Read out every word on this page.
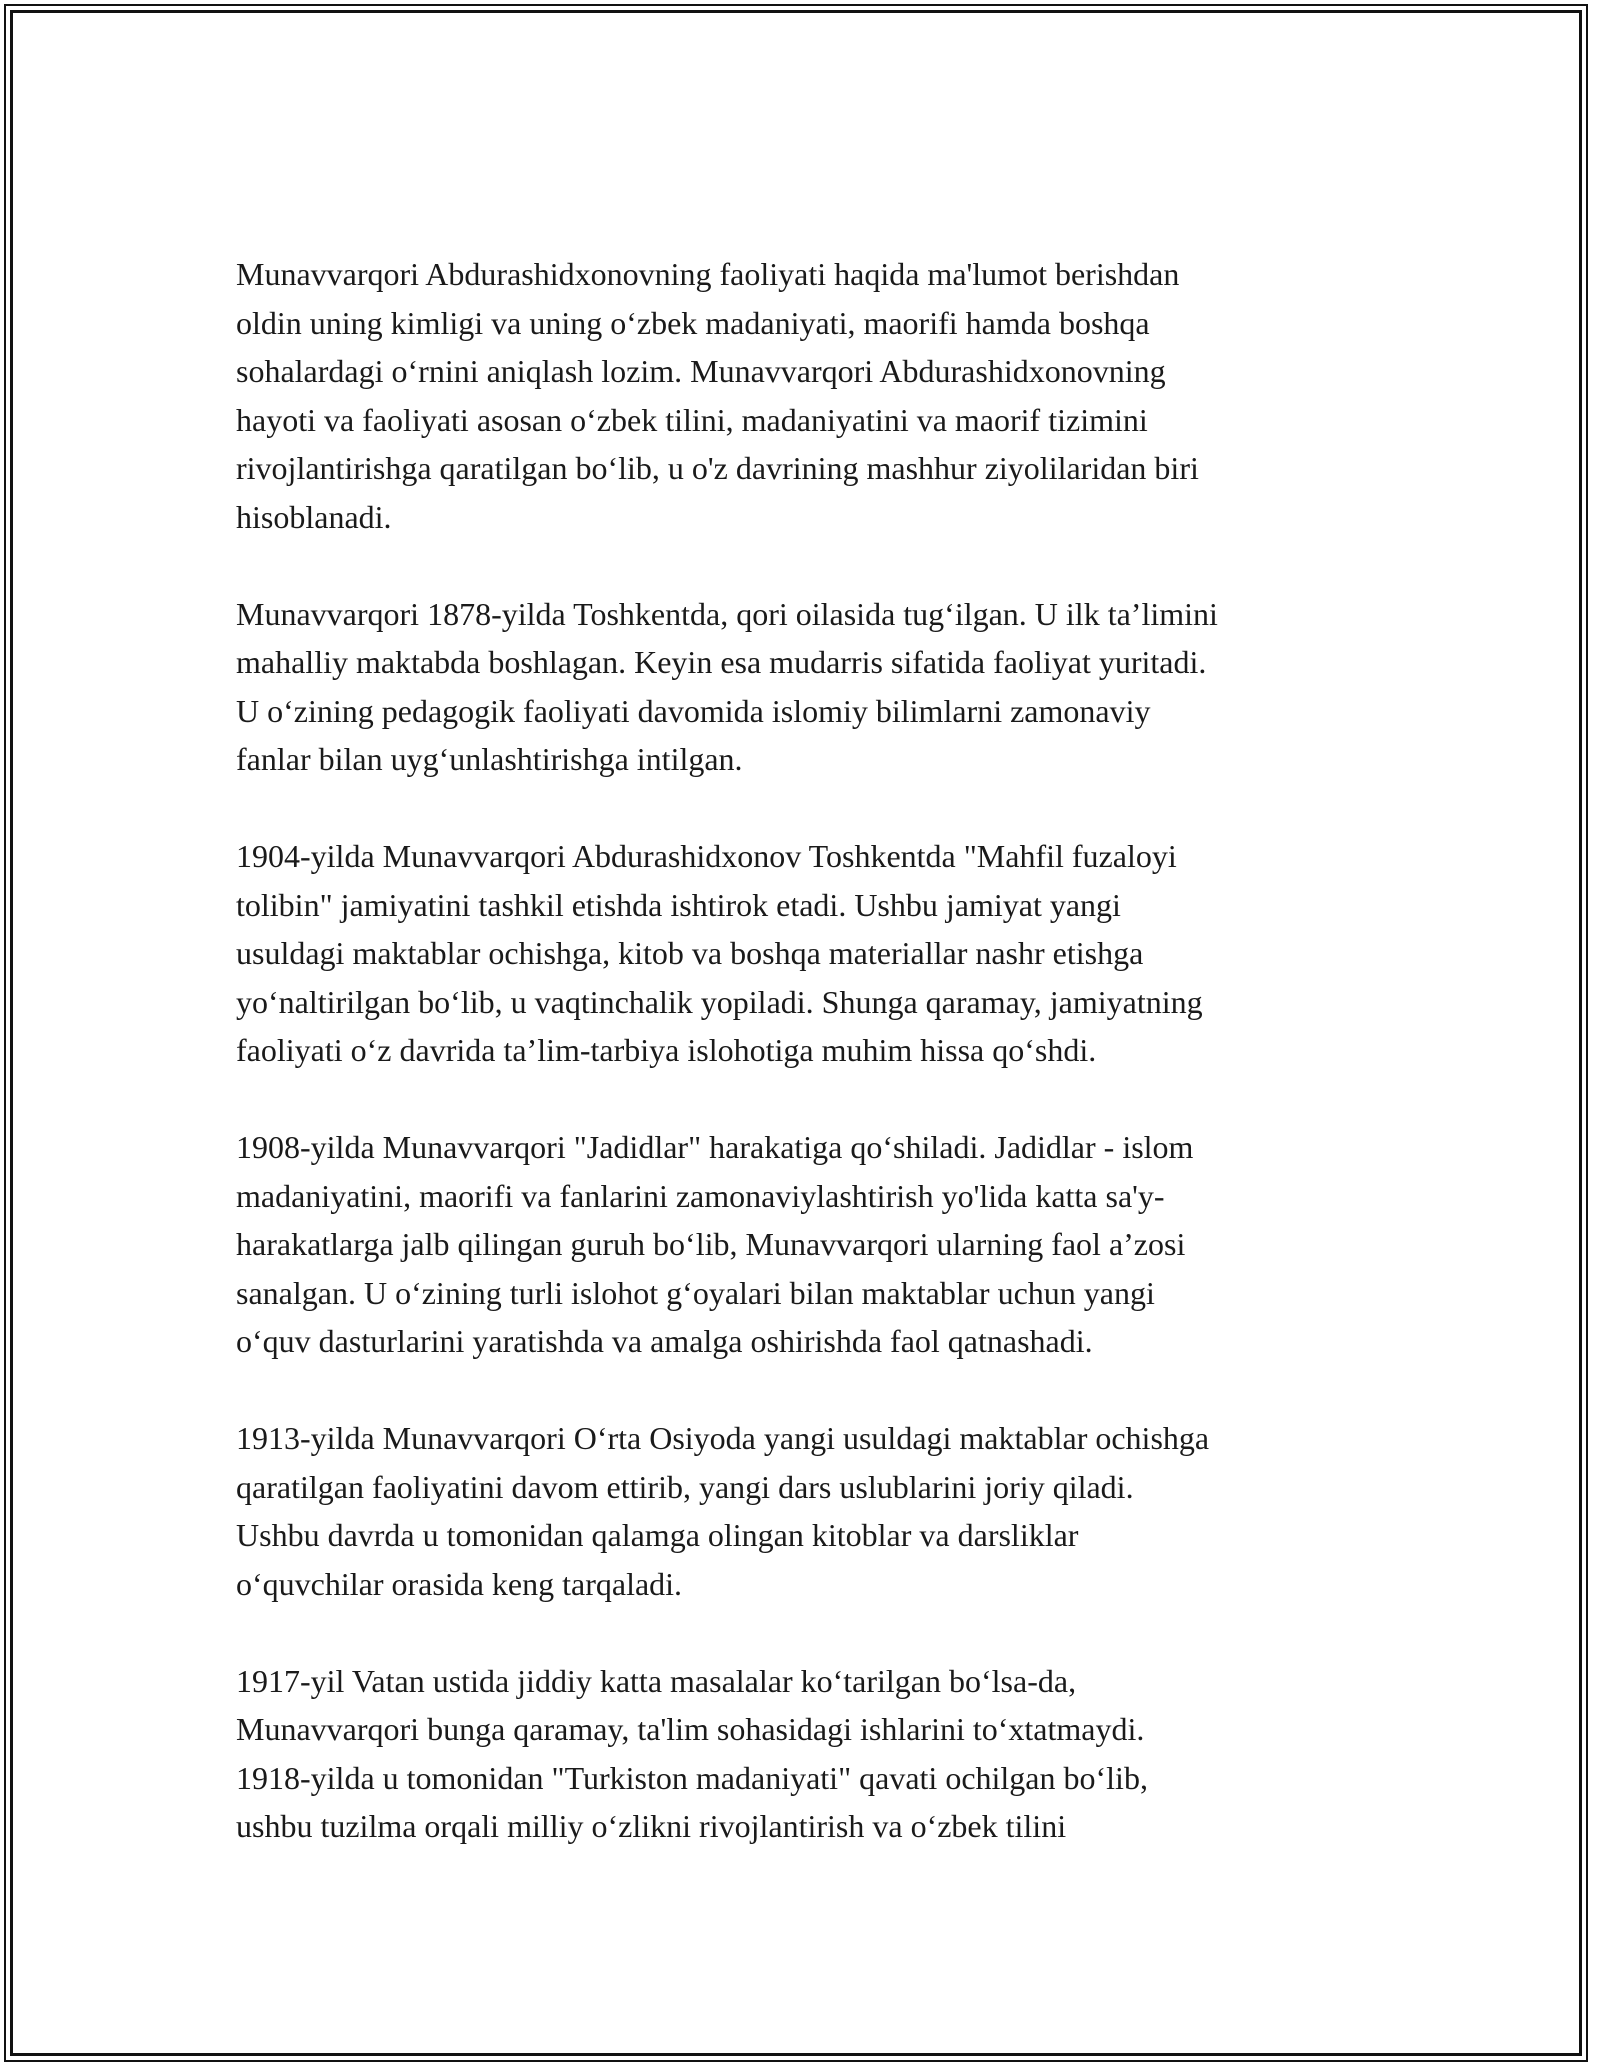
Munavvarqori Abdurashidxonovning faoliyati haqida ma'lumot berishdan
oldin uning kimligi va uning o‘zbek madaniyati, maorifi hamda boshqa
sohalardagi o‘rnini aniqlash lozim. Munavvarqori Abdurashidxonovning
hayoti va faoliyati asosan o‘zbek tilini, madaniyatini va maorif tizimini
rivojlantirishga qaratilgan bo‘lib, u o'z davrining mashhur ziyolilaridan biri
hisoblanadi.

Munavvarqori 1878-yilda Toshkentda, qori oilasida tug‘ilgan. U ilk ta’limini
mahalliy maktabda boshlagan. Keyin esa mudarris sifatida faoliyat yuritadi.
U o‘zining pedagogik faoliyati davomida islomiy bilimlarni zamonaviy
fanlar bilan uyg‘unlashtirishga intilgan.

1904-yilda Munavvarqori Abdurashidxonov Toshkentda "Mahfil fuzaloyi
tolibin" jamiyatini tashkil etishda ishtirok etadi. Ushbu jamiyat yangi
usuldagi maktablar ochishga, kitob va boshqa materiallar nashr etishga
yo‘naltirilgan bo‘lib, u vaqtinchalik yopiladi. Shunga qaramay, jamiyatning
faoliyati o‘z davrida ta’lim-tarbiya islohotiga muhim hissa qo‘shdi.

1908-yilda Munavvarqori "Jadidlar" harakatiga qo‘shiladi. Jadidlar - islom
madaniyatini, maorifi va fanlarini zamonaviylashtirish yo'lida katta sa'y-
harakatlarga jalb qilingan guruh bo‘lib, Munavvarqori ularning faol a’zosi
sanalgan. U o‘zining turli islohot g‘oyalari bilan maktablar uchun yangi
o‘quv dasturlarini yaratishda va amalga oshirishda faol qatnashadi.

1913-yilda Munavvarqori O‘rta Osiyoda yangi usuldagi maktablar ochishga
qaratilgan faoliyatini davom ettirib, yangi dars uslublarini joriy qiladi.
Ushbu davrda u tomonidan qalamga olingan kitoblar va darsliklar
o‘quvchilar orasida keng tarqaladi.

1917-yil Vatan ustida jiddiy katta masalalar ko‘tarilgan bo‘lsa-da,
Munavvarqori bunga qaramay, ta'lim sohasidagi ishlarini to‘xtatmaydi.
1918-yilda u tomonidan "Turkiston madaniyati" qavati ochilgan bo‘lib,
ushbu tuzilma orqali milliy o‘zlikni rivojlantirish va o‘zbek tilini
